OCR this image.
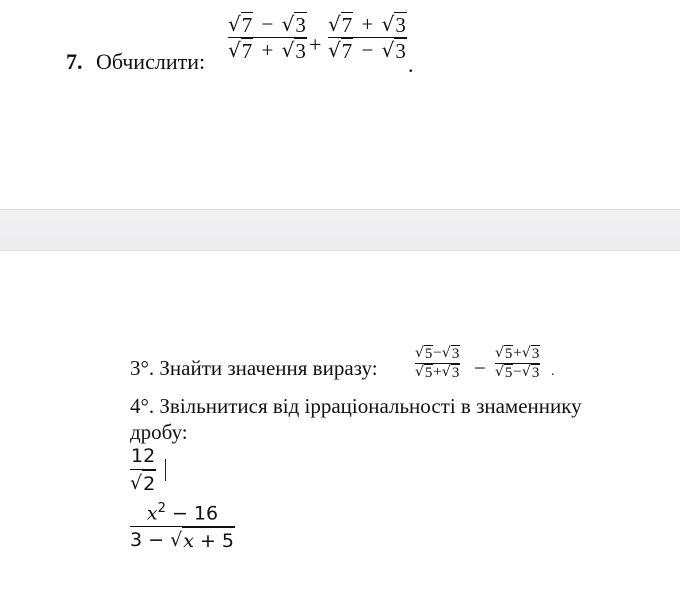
7. Обчислити:
√ 7 − √ 3
√ 7 + √ 3 +
√ 7 + √ 3
√ 7 − √ 3
.
3°. Знайти значення виразу:
√ 5 − √ 3
√ 5 + √ 3 −
√ 5 + √ 3
√ 5 − √ 3 .
4°. Звільнитися від ірраціональності в знаменнику
дробу:
$\frac{12}{√ 2}$

$\frac{x^2 - 16}{3 - √ x + 5}$
